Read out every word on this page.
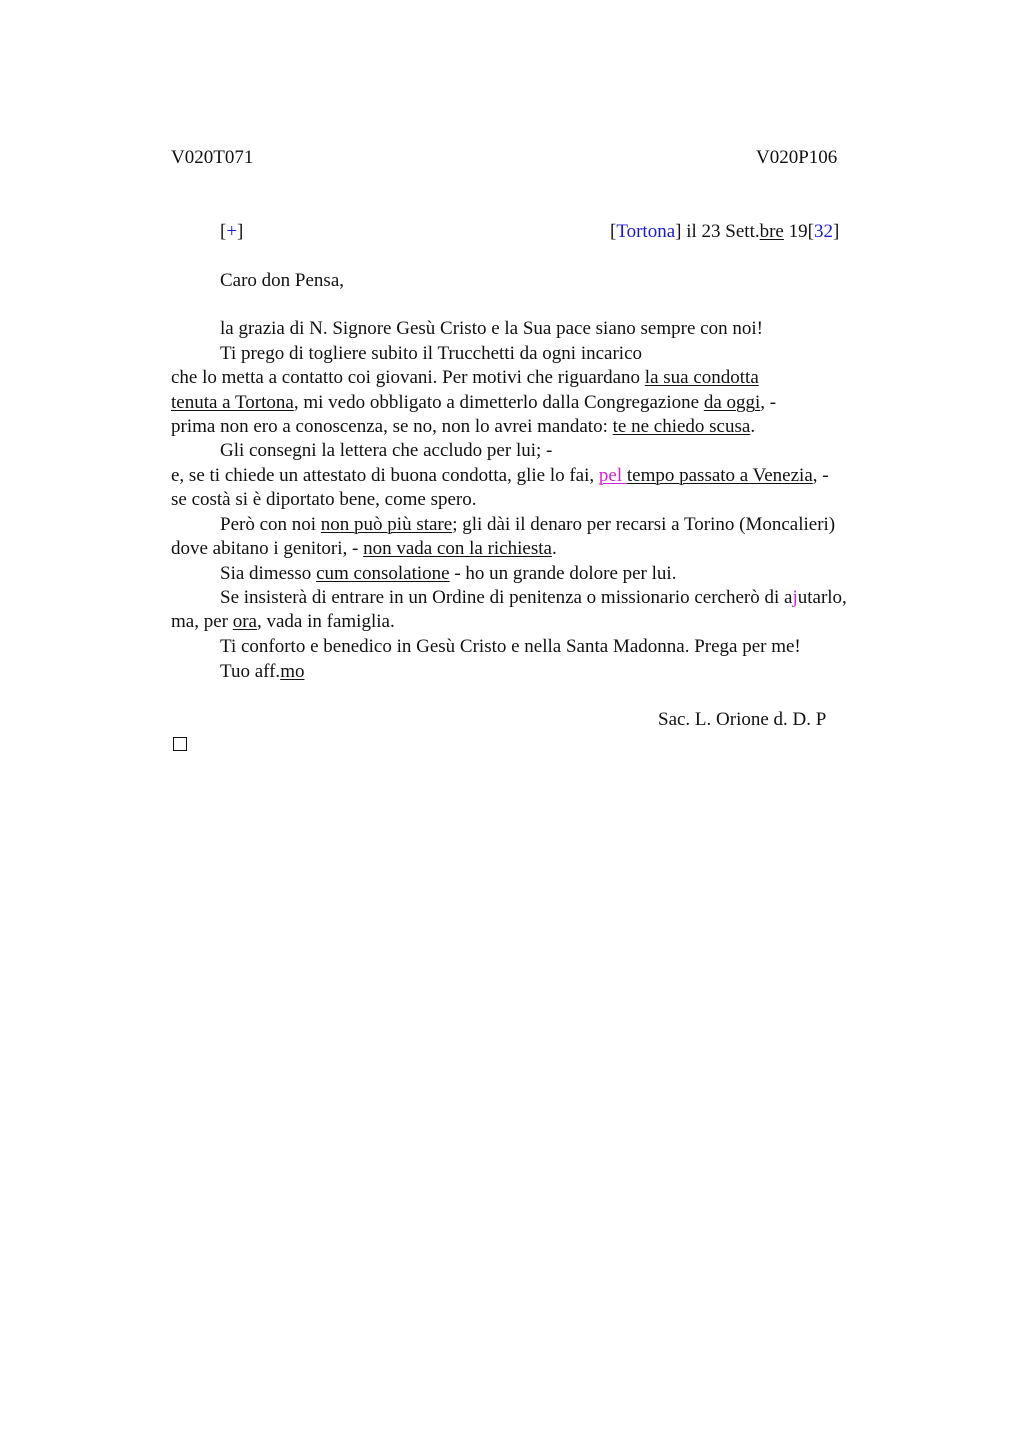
V020T071	V020P106
[+]	[Tortona] il 23 Sett.bre 19[32]
Caro don Pensa,
la grazia di N. Signore Gesù Cristo e la Sua pace siano sempre con noi!
Ti prego di togliere subito il Trucchetti da ogni incarico
che lo metta a contatto coi giovani. Per motivi che riguardano la sua condotta
tenuta a Tortona, mi vedo obbligato a dimetterlo dalla Congregazione da oggi, -
prima non ero a conoscenza, se no, non lo avrei mandato: te ne chiedo scusa.
Gli consegni la lettera che accludo per lui; -
e, se ti chiede un attestato di buona condotta, glie lo fai, pel tempo passato a Venezia, -
se costà si è diportato bene, come spero.
Però con noi non può più stare; gli dài il denaro per recarsi a Torino (Moncalieri)
dove abitano i genitori, - non vada con la richiesta.
Sia dimesso cum consolatione - ho un grande dolore per lui.
Se insisterà di entrare in un Ordine di penitenza o missionario cercherò di ajutarlo,
ma, per ora, vada in famiglia.
Ti conforto e benedico in Gesù Cristo e nella Santa Madonna. Prega per me!
Tuo aff.mo
Sac. L. Orione d. D. P
